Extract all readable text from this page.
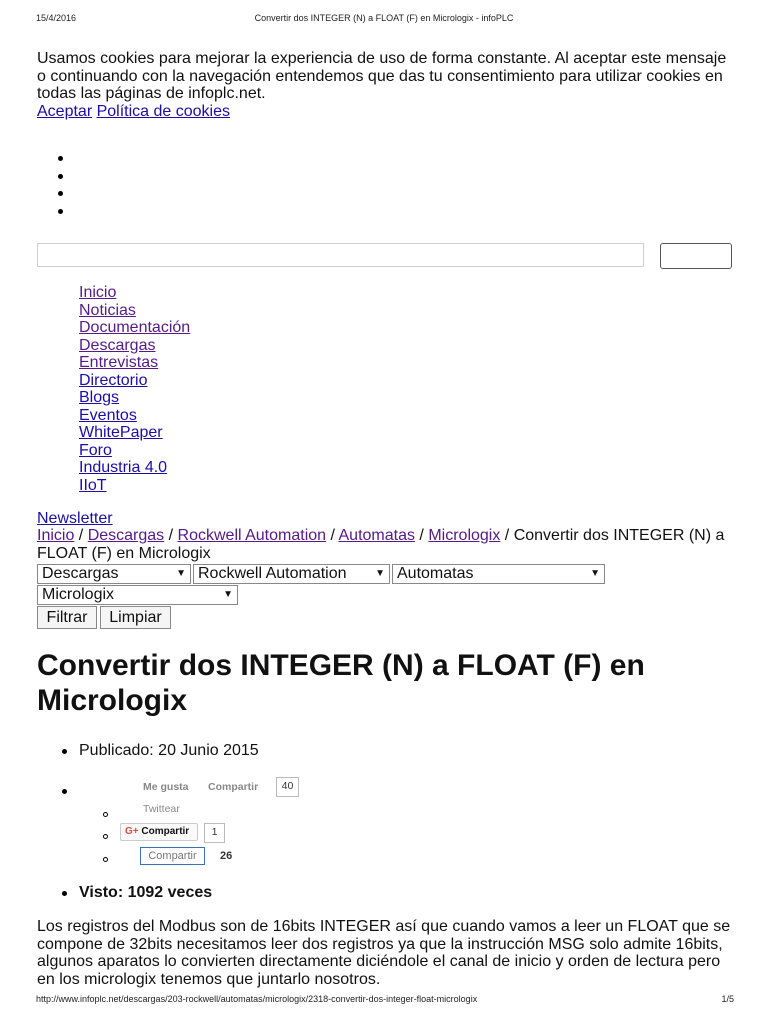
15/4/2016	Convertir dos INTEGER (N) a FLOAT (F) en Micrologix - infoPLC
Usamos cookies para mejorar la experiencia de uso de forma constante. Al aceptar este mensaje o continuando con la navegación entendemos que das tu consentimiento para utilizar cookies en todas las páginas de infoplc.net.
Aceptar Política de cookies
Inicio
Noticias
Documentación
Descargas
Entrevistas
Directorio
Blogs
Eventos
WhitePaper
Foro
Industria 4.0
IIoT
Newsletter
Inicio / Descargas / Rockwell Automation / Automatas / Micrologix / Convertir dos INTEGER (N) a FLOAT (F) en Micrologix
Descargas	▼ Rockwell Automation	▼ Automatas	▼
Micrologix	▼
Filtrar	Limpiar
Convertir dos INTEGER (N) a FLOAT (F) en Micrologix
Publicado: 20 Junio 2015
Me gusta Compartir	40
Twittear
G+ Compartir	1
Compartir	26
Visto: 1092 veces
Los registros del Modbus son de 16bits INTEGER así que cuando vamos a leer un FLOAT que se compone de 32bits necesitamos leer dos registros ya que la instrucción MSG solo admite 16bits, algunos aparatos lo convierten directamente diciéndole el canal de inicio y orden de lectura pero en los micrologix tenemos que juntarlo nosotros.
http://www.infoplc.net/descargas/203-rockwell/automatas/micrologix/2318-convertir-dos-integer-float-micrologix	1/5
